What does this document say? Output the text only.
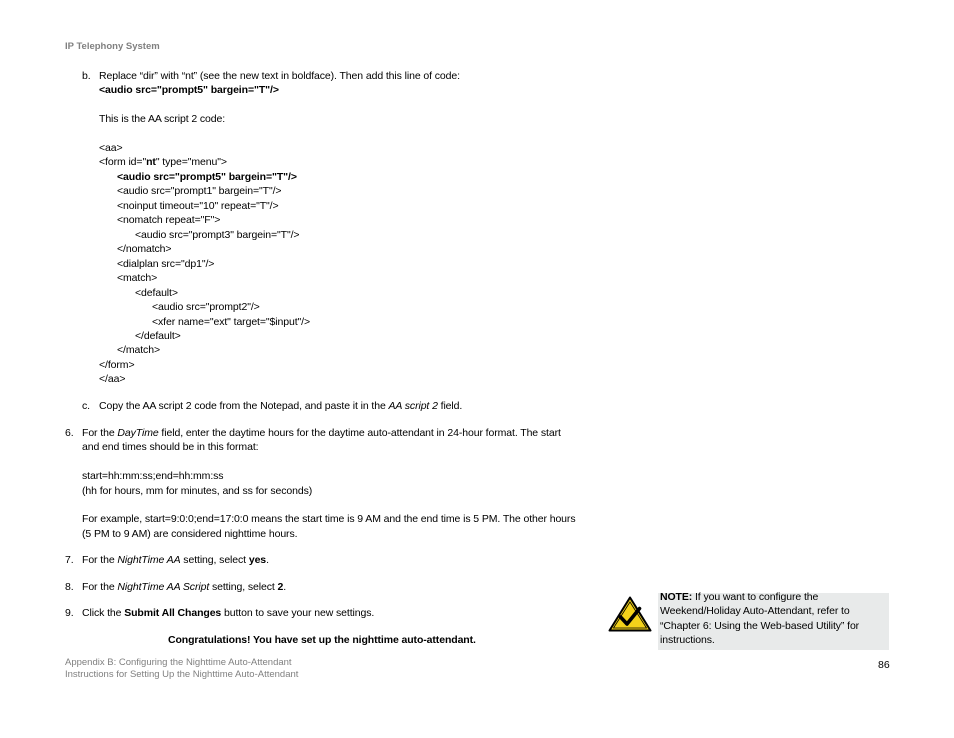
IP Telephony System
b. Replace “dir” with “nt” (see the new text in boldface). Then add this line of code:
<audio src="prompt5" bargein="T"/>
This is the AA script 2 code:
<aa>
<form id="nt" type="menu">
<audio src="prompt5" bargein="T"/>
<audio src="prompt1" bargein="T"/>
<noinput timeout="10" repeat="T"/>
<nomatch repeat="F">
<audio src="prompt3" bargein="T"/>
</nomatch>
<dialplan src="dp1"/>
<match>
<default>
<audio src="prompt2"/>
<xfer name="ext" target="$input"/>
</default>
</match>
</form>
</aa>
c. Copy the AA script 2 code from the Notepad, and paste it in the AA script 2 field.
6. For the DayTime field, enter the daytime hours for the daytime auto-attendant in 24-hour format. The start
and end times should be in this format:
start=hh:mm:ss;end=hh:mm:ss
(hh for hours, mm for minutes, and ss for seconds)
For example, start=9:0:0;end=17:0:0 means the start time is 9 AM and the end time is 5 PM. The other hours
(5 PM to 9 AM) are considered nighttime hours.
7. For the NightTime AA setting, select yes.
8. For the NightTime AA Script setting, select 2.
9. Click the Submit All Changes button to save your new settings.
Congratulations! You have set up the nighttime auto-attendant.
NOTE: If you want to configure the
Weekend/Holiday Auto-Attendant, refer to
“Chapter 6: Using the Web-based Utility” for
instructions.
Appendix B: Configuring the Nighttime Auto-Attendant
Instructions for Setting Up the Nighttime Auto-Attendant
86
